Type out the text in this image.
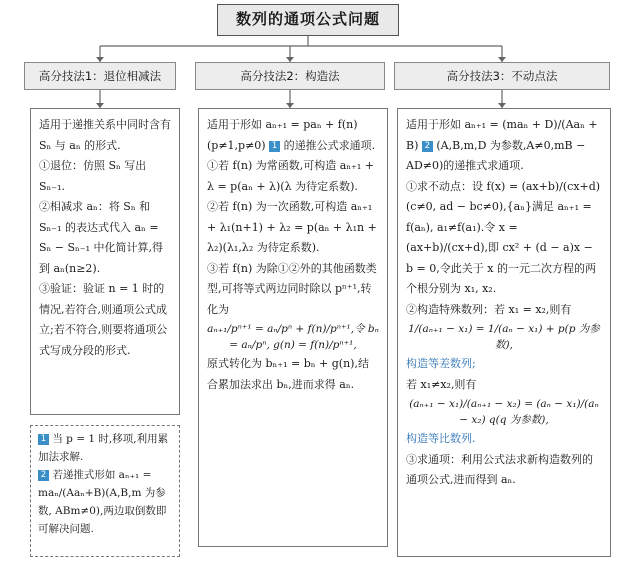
数列的通项公式问题
高分技法1：退位相减法	高分技法2：构造法	高分技法3：不动点法
适用于递推关系中同时含有 Sₙ 与 aₙ 的形式.
①退位：仿照 Sₙ 写出Sₙ₋₁.
②相减求 aₙ：将 Sₙ 和 Sₙ₋₁ 的表达式代入 aₙ = Sₙ − Sₙ₋₁ 中化简计算,得到 aₙ(n≥2).
③验证：验证 n = 1 时的情况,若符合,则通项公式成立;若不符合,则要将通项公式写成分段的形式.
1 当 p = 1 时,移项,利用累加法求解.
2 若递推式形如 aₙ₊₁ = maₙ/(Aaₙ+B)(A,B,m 为参数, ABm≠0),两边取倒数即可解决问题.
适用于形如 aₙ₊₁ = paₙ + f(n)(p≠1,p≠0) 1 的递推公式求通项.
①若 f(n) 为常函数,可构造 aₙ₊₁ + λ = p(aₙ + λ)(λ 为待定系数).
②若 f(n) 为一次函数,可构造 aₙ₊₁ + λ₁(n+1) + λ₂ = p(aₙ + λ₁n + λ₂)(λ₁,λ₂ 为待定系数).
③若 f(n) 为除①②外的其他函数类型,可将等式两边同时除以 pⁿ⁺¹,转化为
aₙ₊₁/pⁿ⁺¹ = aₙ/pⁿ + f(n)/pⁿ⁺¹,令 bₙ = aₙ/pⁿ, g(n) = f(n)/pⁿ⁺¹,
原式转化为 bₙ₊₁ = bₙ + g(n),结合累加法求出 bₙ,进而求得 aₙ.
适用于形如 aₙ₊₁ = (maₙ + D)/(Aaₙ + B) 2 (A,B,m,D 为参数,A≠0,mB − AD≠0)的递推式求通项.
①求不动点：设 f(x) = (ax+b)/(cx+d) (c≠0, ad − bc≠0),{aₙ}满足 aₙ₊₁ = f(aₙ), a₁≠f(a₁).令 x = (ax+b)/(cx+d),即 cx² + (d − a)x − b = 0,令此关于 x 的一元二次方程的两个根分别为 x₁, x₂.
②构造特殊数列：若 x₁ = x₂,则有
1/(aₙ₊₁ − x₁) = 1/(aₙ − x₁) + p(p 为参数),
构造等差数列;
若 x₁≠x₂,则有
(aₙ₊₁ − x₁)/(aₙ₊₁ − x₂) = (aₙ − x₁)/(aₙ − x₂) q(q 为参数),
构造等比数列.
③求通项：利用公式法求新构造数列的通项公式,进而得到 aₙ.
